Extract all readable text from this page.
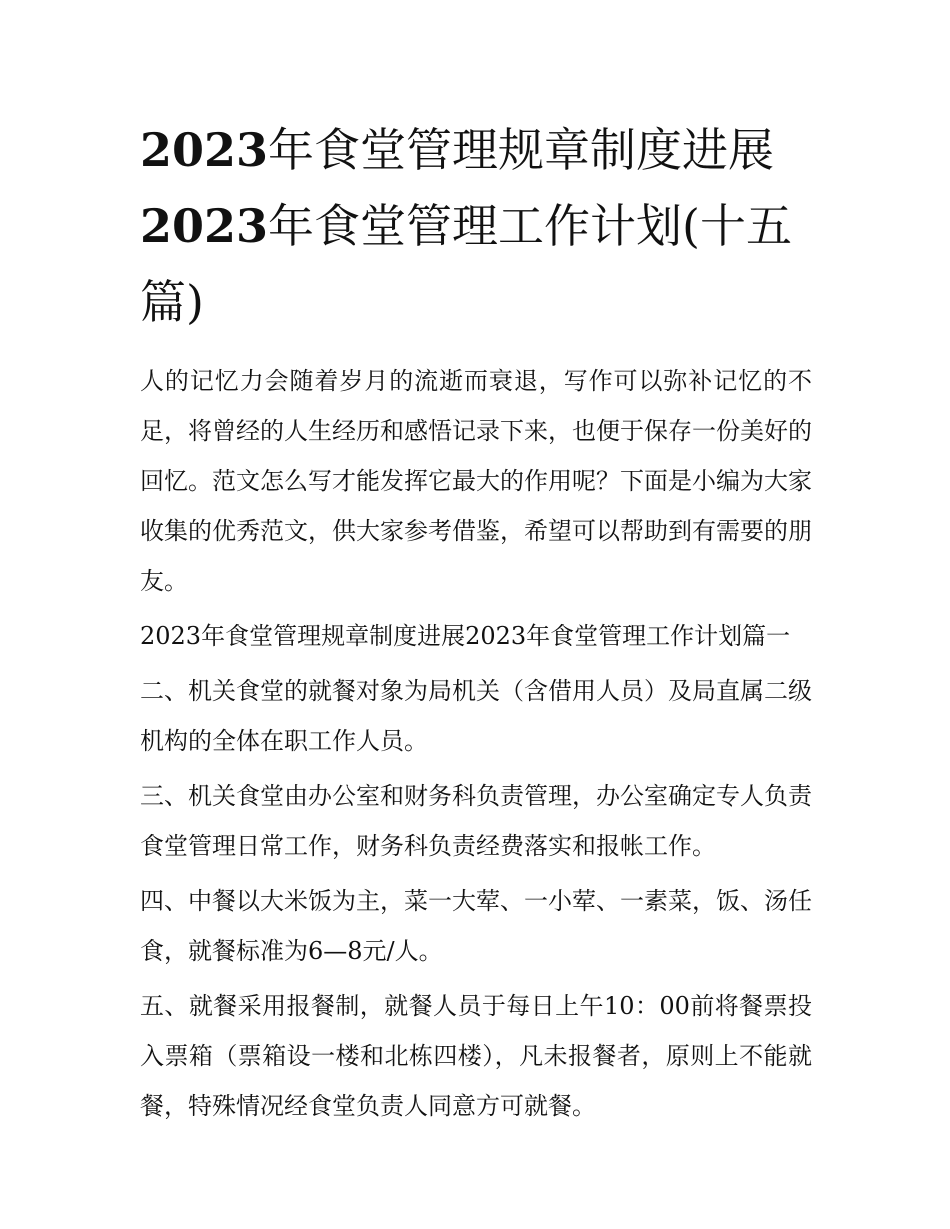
2023年食堂管理规章制度进展2023年食堂管理工作计划(十五篇)

人的记忆力会随着岁月的流逝而衰退，写作可以弥补记忆的不足，将曾经的人生经历和感悟记录下来，也便于保存一份美好的回忆。范文怎么写才能发挥它最大的作用呢？下面是小编为大家收集的优秀范文，供大家参考借鉴，希望可以帮助到有需要的朋友。

2023年食堂管理规章制度进展2023年食堂管理工作计划篇一

二、机关食堂的就餐对象为局机关（含借用人员）及局直属二级机构的全体在职工作人员。

三、机关食堂由办公室和财务科负责管理，办公室确定专人负责食堂管理日常工作，财务科负责经费落实和报帐工作。

四、中餐以大米饭为主，菜一大荤、一小荤、一素菜，饭、汤任食，就餐标准为6—8元/人。

五、就餐采用报餐制，就餐人员于每日上午10：00前将餐票投入票箱（票箱设一楼和北栋四楼），凡未报餐者，原则上不能就餐，特殊情况经食堂负责人同意方可就餐。
